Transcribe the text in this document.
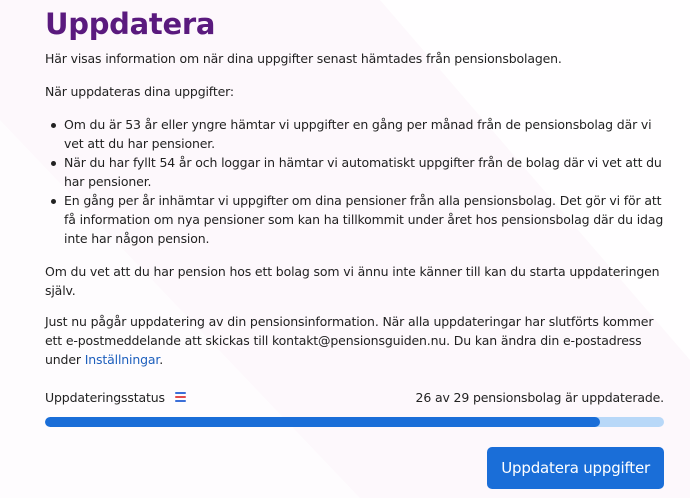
Uppdatera

Här visas information om när dina uppgifter senast hämtades från pensionsbolagen.

När uppdateras dina uppgifter:

Om du är 53 år eller yngre hämtar vi uppgifter en gång per månad från de pensionsbolag där vi vet att du har pensioner.
När du har fyllt 54 år och loggar in hämtar vi automatiskt uppgifter från de bolag där vi vet att du har pensioner.
En gång per år inhämtar vi uppgifter om dina pensioner från alla pensionsbolag. Det gör vi för att få information om nya pensioner som kan ha tillkommit under året hos pensionsbolag där du idag inte har någon pension.

Om du vet att du har pension hos ett bolag som vi ännu inte känner till kan du starta uppdateringen själv.

Just nu pågår uppdatering av din pensionsinformation. När alla uppdateringar har slutförts kommer ett e-postmeddelande att skickas till kontakt@pensionsguiden.nu. Du kan ändra din e-postadress under Inställningar.

Uppdateringsstatus	26 av 29 pensionsbolag är uppdaterade.
Uppdatera uppgifter
